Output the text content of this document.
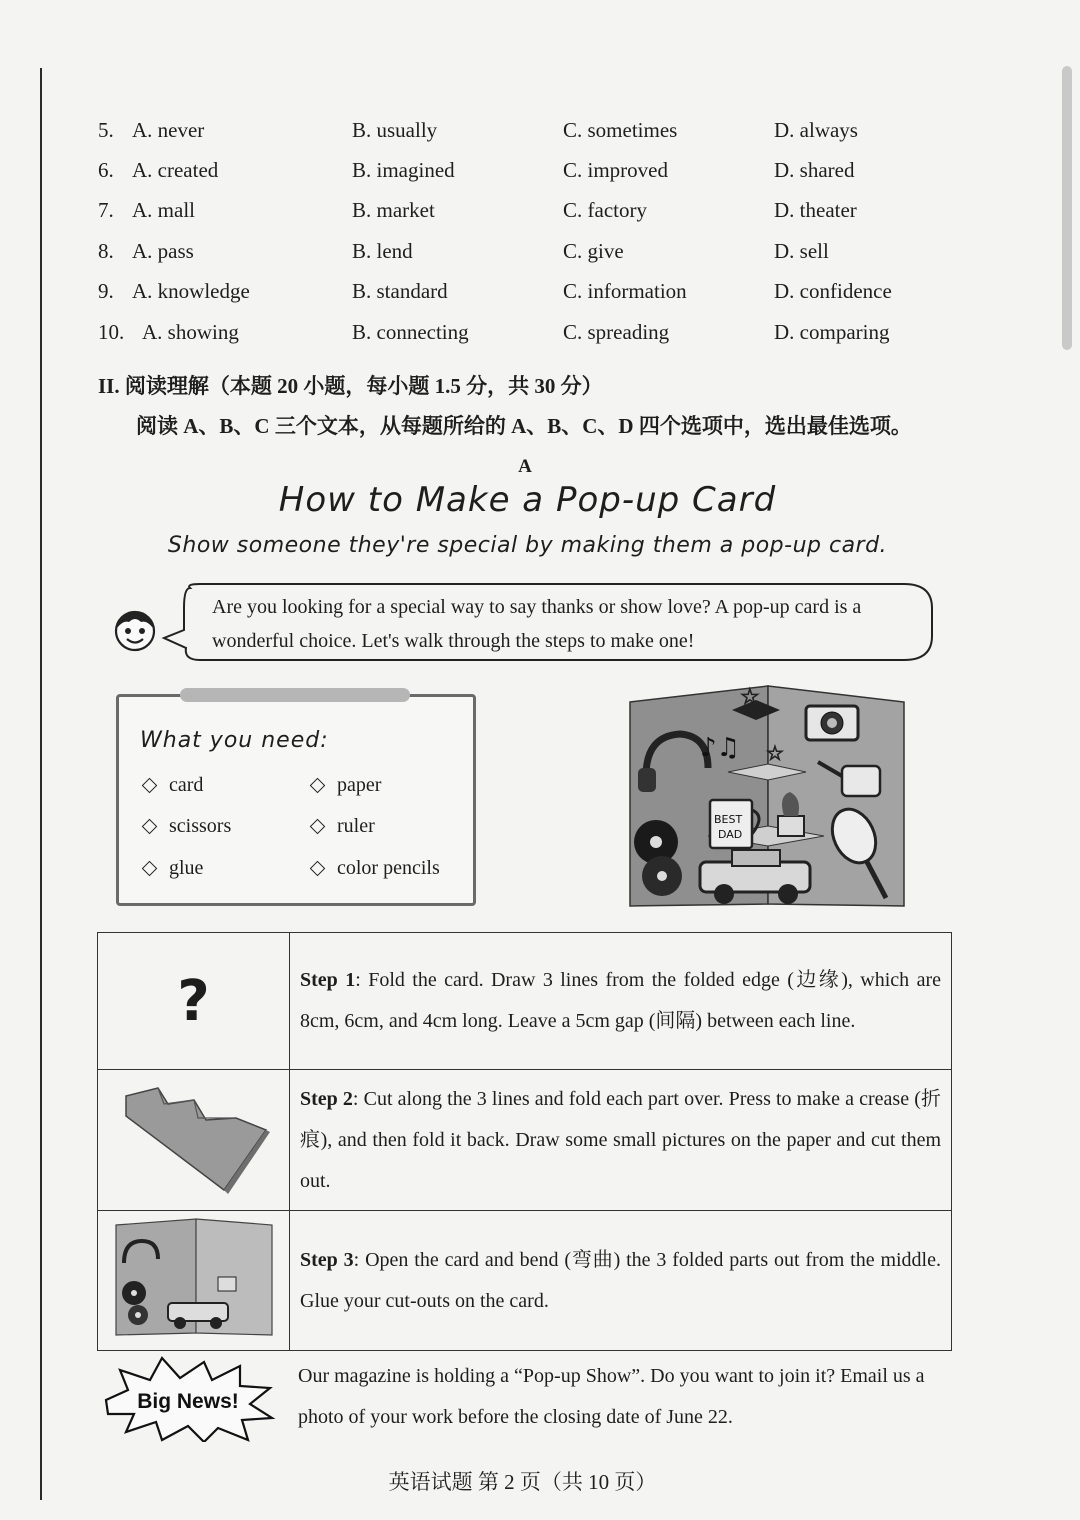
5. A. never	B. usually	C. sometimes	D. always
6. A. created	B. imagined	C. improved	D. shared
7. A. mall	B. market	C. factory	D. theater
8. A. pass	B. lend	C. give	D. sell
9. A. knowledge	B. standard	C. information	D. confidence
10. A. showing	B. connecting	C. spreading	D. comparing
II. 阅读理解（本题 20 小题，每小题 1.5 分，共 30 分）
阅读 A、B、C 三个文本，从每题所给的 A、B、C、D 四个选项中，选出最佳选项。
A
How to Make a Pop-up Card
Show someone they're special by making them a pop-up card.
Are you looking for a special way to say thanks or show love? A pop-up card is a wonderful choice. Let's walk through the steps to make one!
What you need:
card	paper
scissors	ruler
glue	color pencils
♪♫
☆
☆
BEST
DAD
?	Step 1: Fold the card. Draw 3 lines from the folded edge (边缘), which are 8cm, 6cm, and 4cm long. Leave a 5cm gap (间隔) between each line.
	Step 2: Cut along the 3 lines and fold each part over. Press to make a crease (折痕), and then fold it back. Draw some small pictures on the paper and cut them out.
	Step 3: Open the card and bend (弯曲) the 3 folded parts out from the middle. Glue your cut-outs on the card.
Big News!
Our magazine is holding a “Pop-up Show”. Do you want to join it? Email us a photo of your work before the closing date of June 22.
英语试题 第 2 页（共 10 页）
